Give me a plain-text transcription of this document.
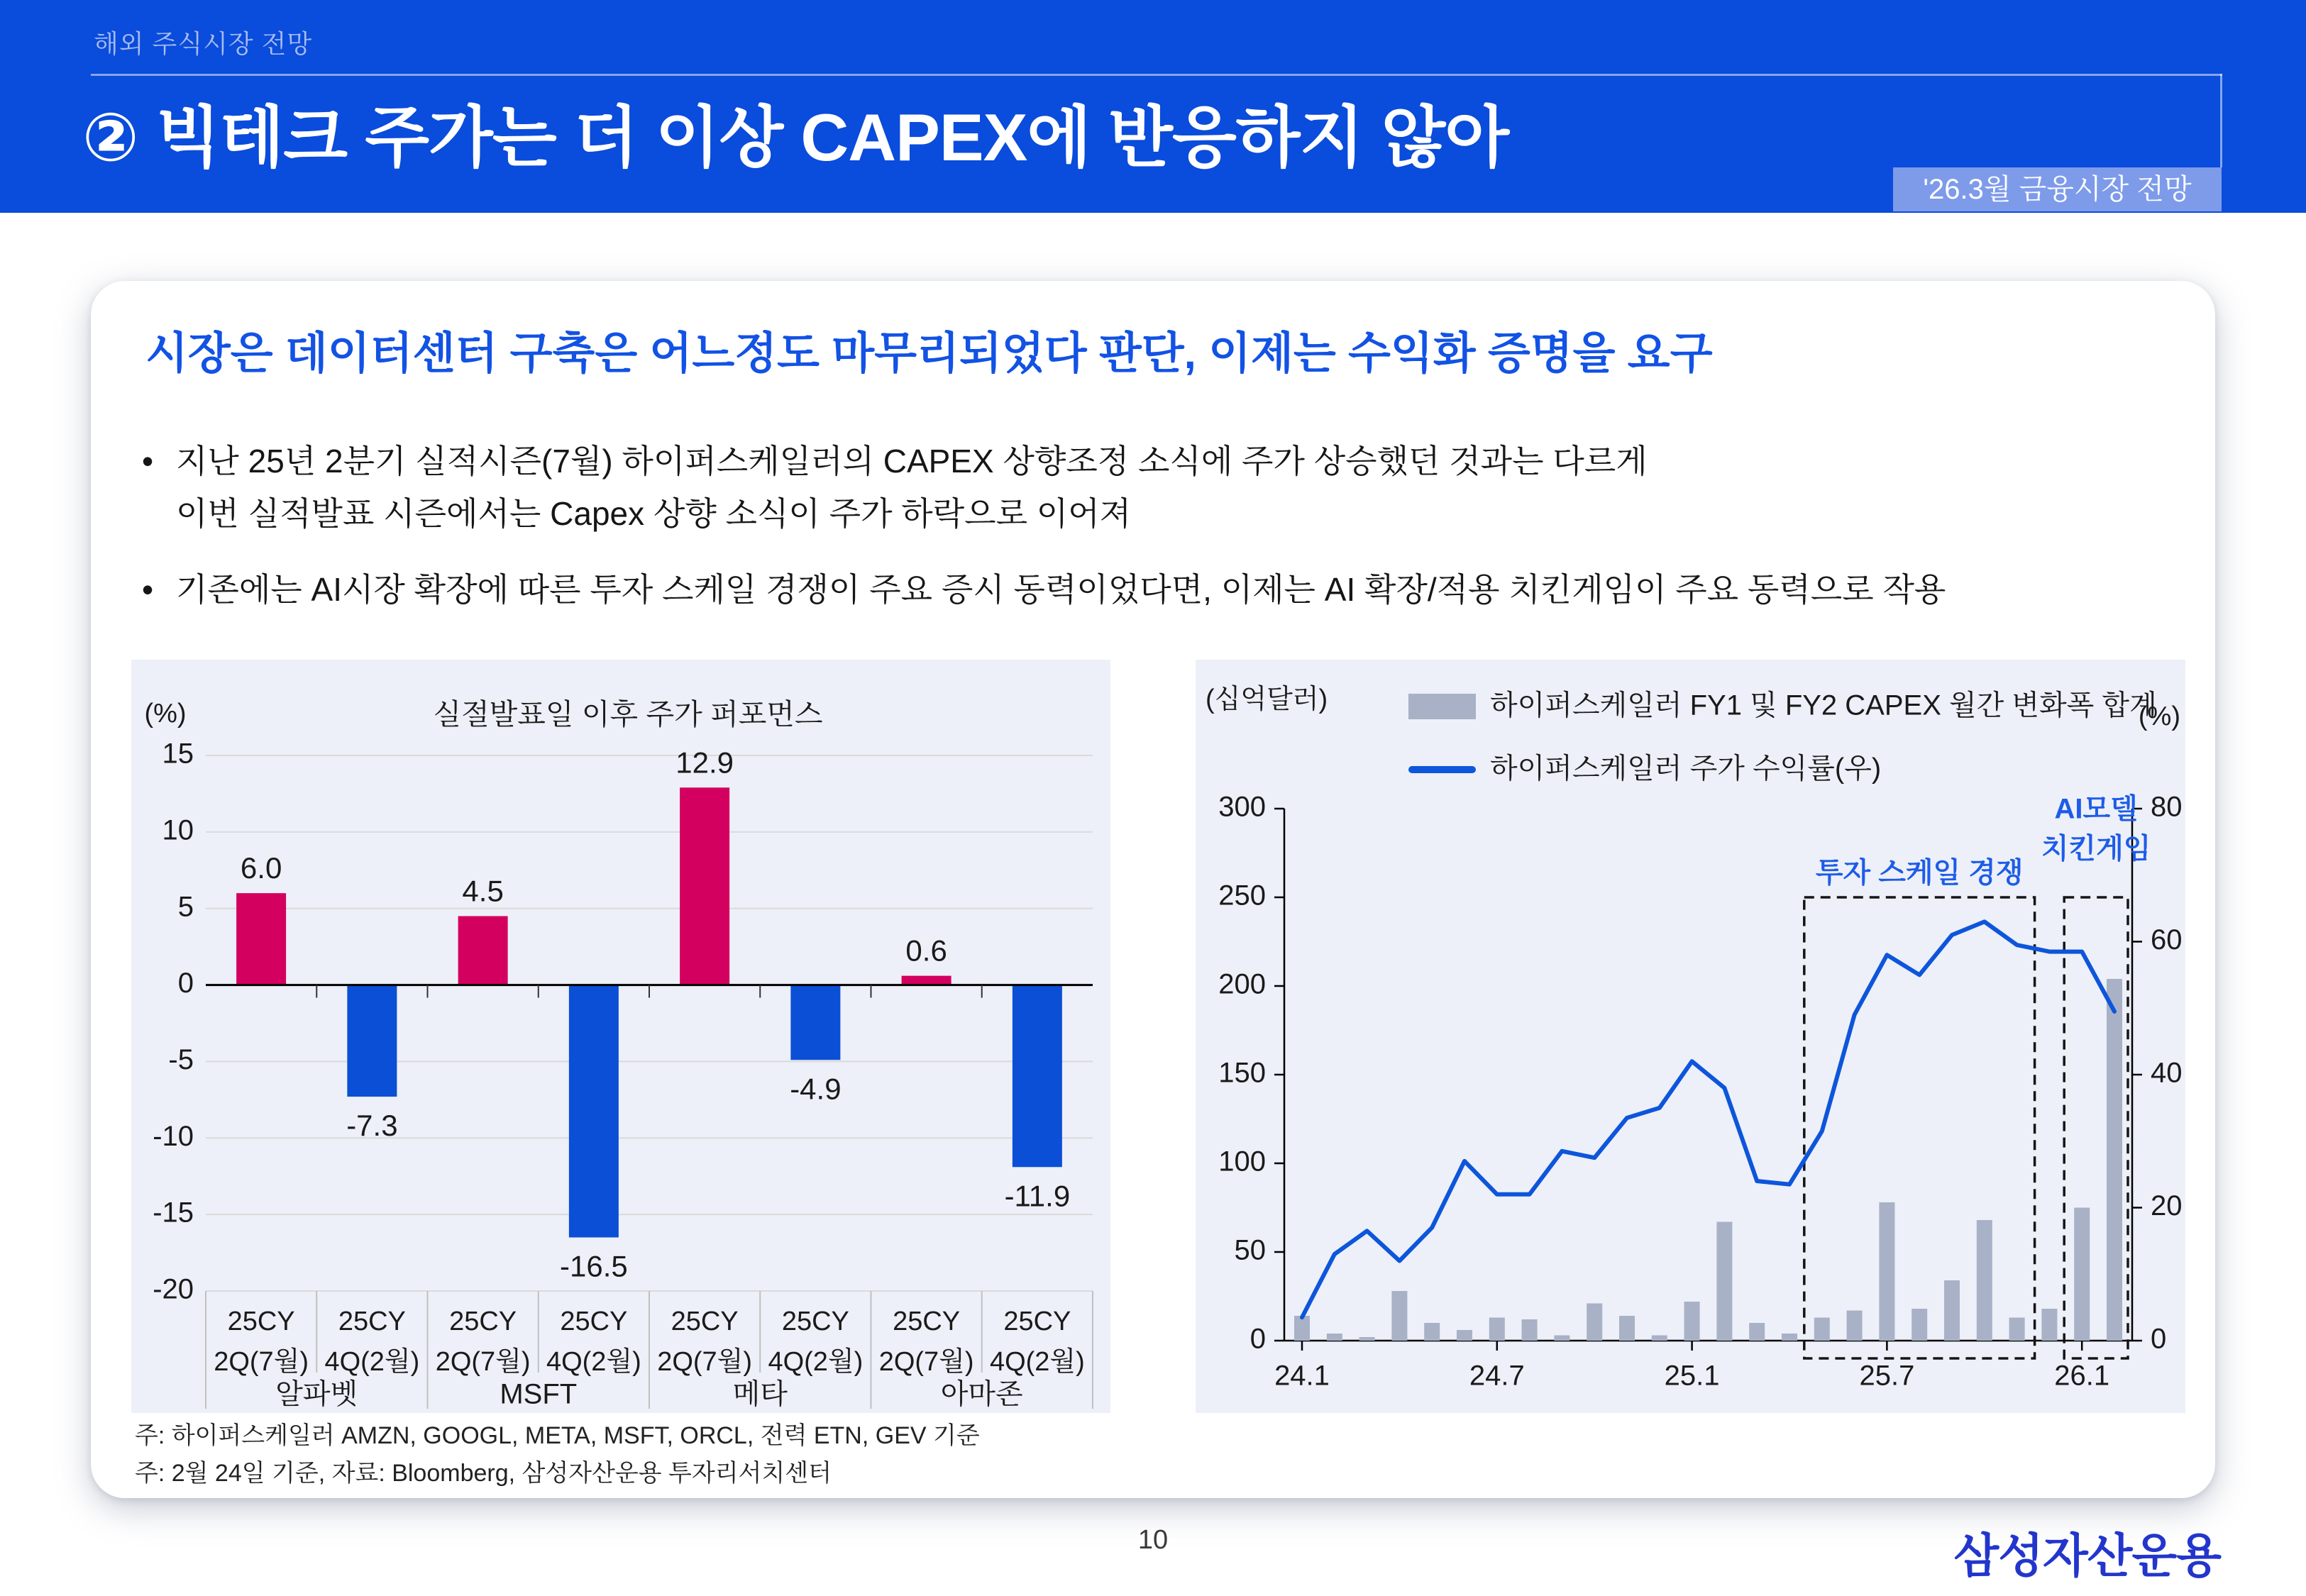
해외 주식시장 전망
② 빅테크 주가는 더 이상 CAPEX에 반응하지 않아
'26.3월 금융시장 전망
시장은 데이터센터 구축은 어느정도 마무리되었다 판단, 이제는 수익화 증명을 요구
• 지난 25년 2분기 실적시즌(7월) 하이퍼스케일러의 CAPEX 상향조정 소식에 주가 상승했던 것과는 다르게
이번 실적발표 시즌에서는 Capex 상향 소식이 주가 하락으로 이어져
• 기존에는 AI시장 확장에 따른 투자 스케일 경쟁이 주요 증시 동력이었다면, 이제는 AI 확장/적용 치킨게임이 주요 동력으로 작용
(%)	실절발표일 이후 주가 퍼포먼스
6.0
-7.3
4.5
-16.5
12.9
-4.9
0.6
-11.9
15
10
5
0
-5
-10
-15
-20
25CY
2Q(7월)
25CY
4Q(2월)
25CY
2Q(7월)
25CY
4Q(2월)
25CY
2Q(7월)
25CY
4Q(2월)
25CY
2Q(7월)
25CY
4Q(2월)
알파벳	MSFT	메타	아마존
(십억달러)
(%)
하이퍼스케일러 FY1 및 FY2 CAPEX 월간 변화폭 합계
하이퍼스케일러 주가 수익률(우)
300
250
200
150
100
50
0
80
60
40
20
0
24.1	24.7	25.1	25.7	26.1
투자 스케일 경쟁
AI모델
치킨게임
주: 하이퍼스케일러 AMZN, GOOGL, META, MSFT, ORCL, 전력 ETN, GEV 기준
주: 2월 24일 기준, 자료: Bloomberg, 삼성자산운용 투자리서치센터
10	삼성자산운용
